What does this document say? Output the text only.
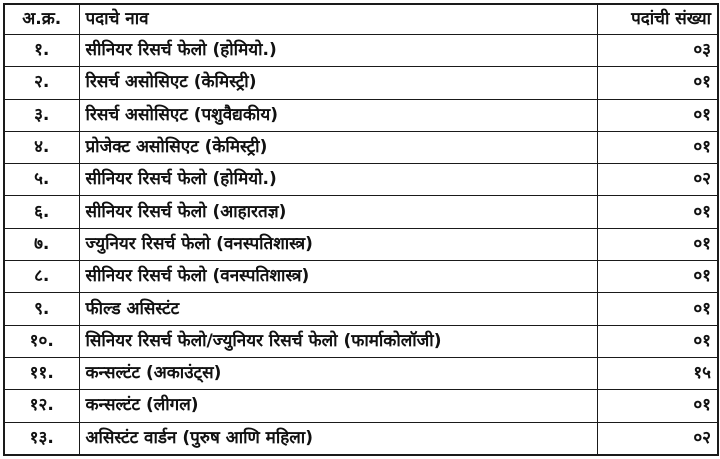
अ.क्र.	पदाचे नाव	पदांची संख्या
१.	सीनियर रिसर्च फेलो (होमियो.)	०३
२.	रिसर्च असोसिएट (केमिस्ट्री)	०१
३.	रिसर्च असोसिएट (पशुवैद्यकीय)	०१
४.	प्रोजेक्ट असोसिएट (केमिस्ट्री)	०१
५.	सीनियर रिसर्च फेलो (होमियो.)	०२
६.	सीनियर रिसर्च फेलो (आहारतज्ञ)	०१
७.	ज्युनियर रिसर्च फेलो (वनस्पतिशास्त्र)	०१
८.	सीनियर रिसर्च फेलो (वनस्पतिशास्त्र)	०१
९.	फील्ड असिस्टंट	०१
१०.	सिनियर रिसर्च फेलो/ज्युनियर रिसर्च फेलो (फार्माकोलॉजी)	०१
११.	कन्सल्टंट (अकाउंट्स)	१५
१२.	कन्सल्टंट (लीगल)	०१
१३.	असिस्टंट वार्डन (पुरुष आणि महिला)	०२
